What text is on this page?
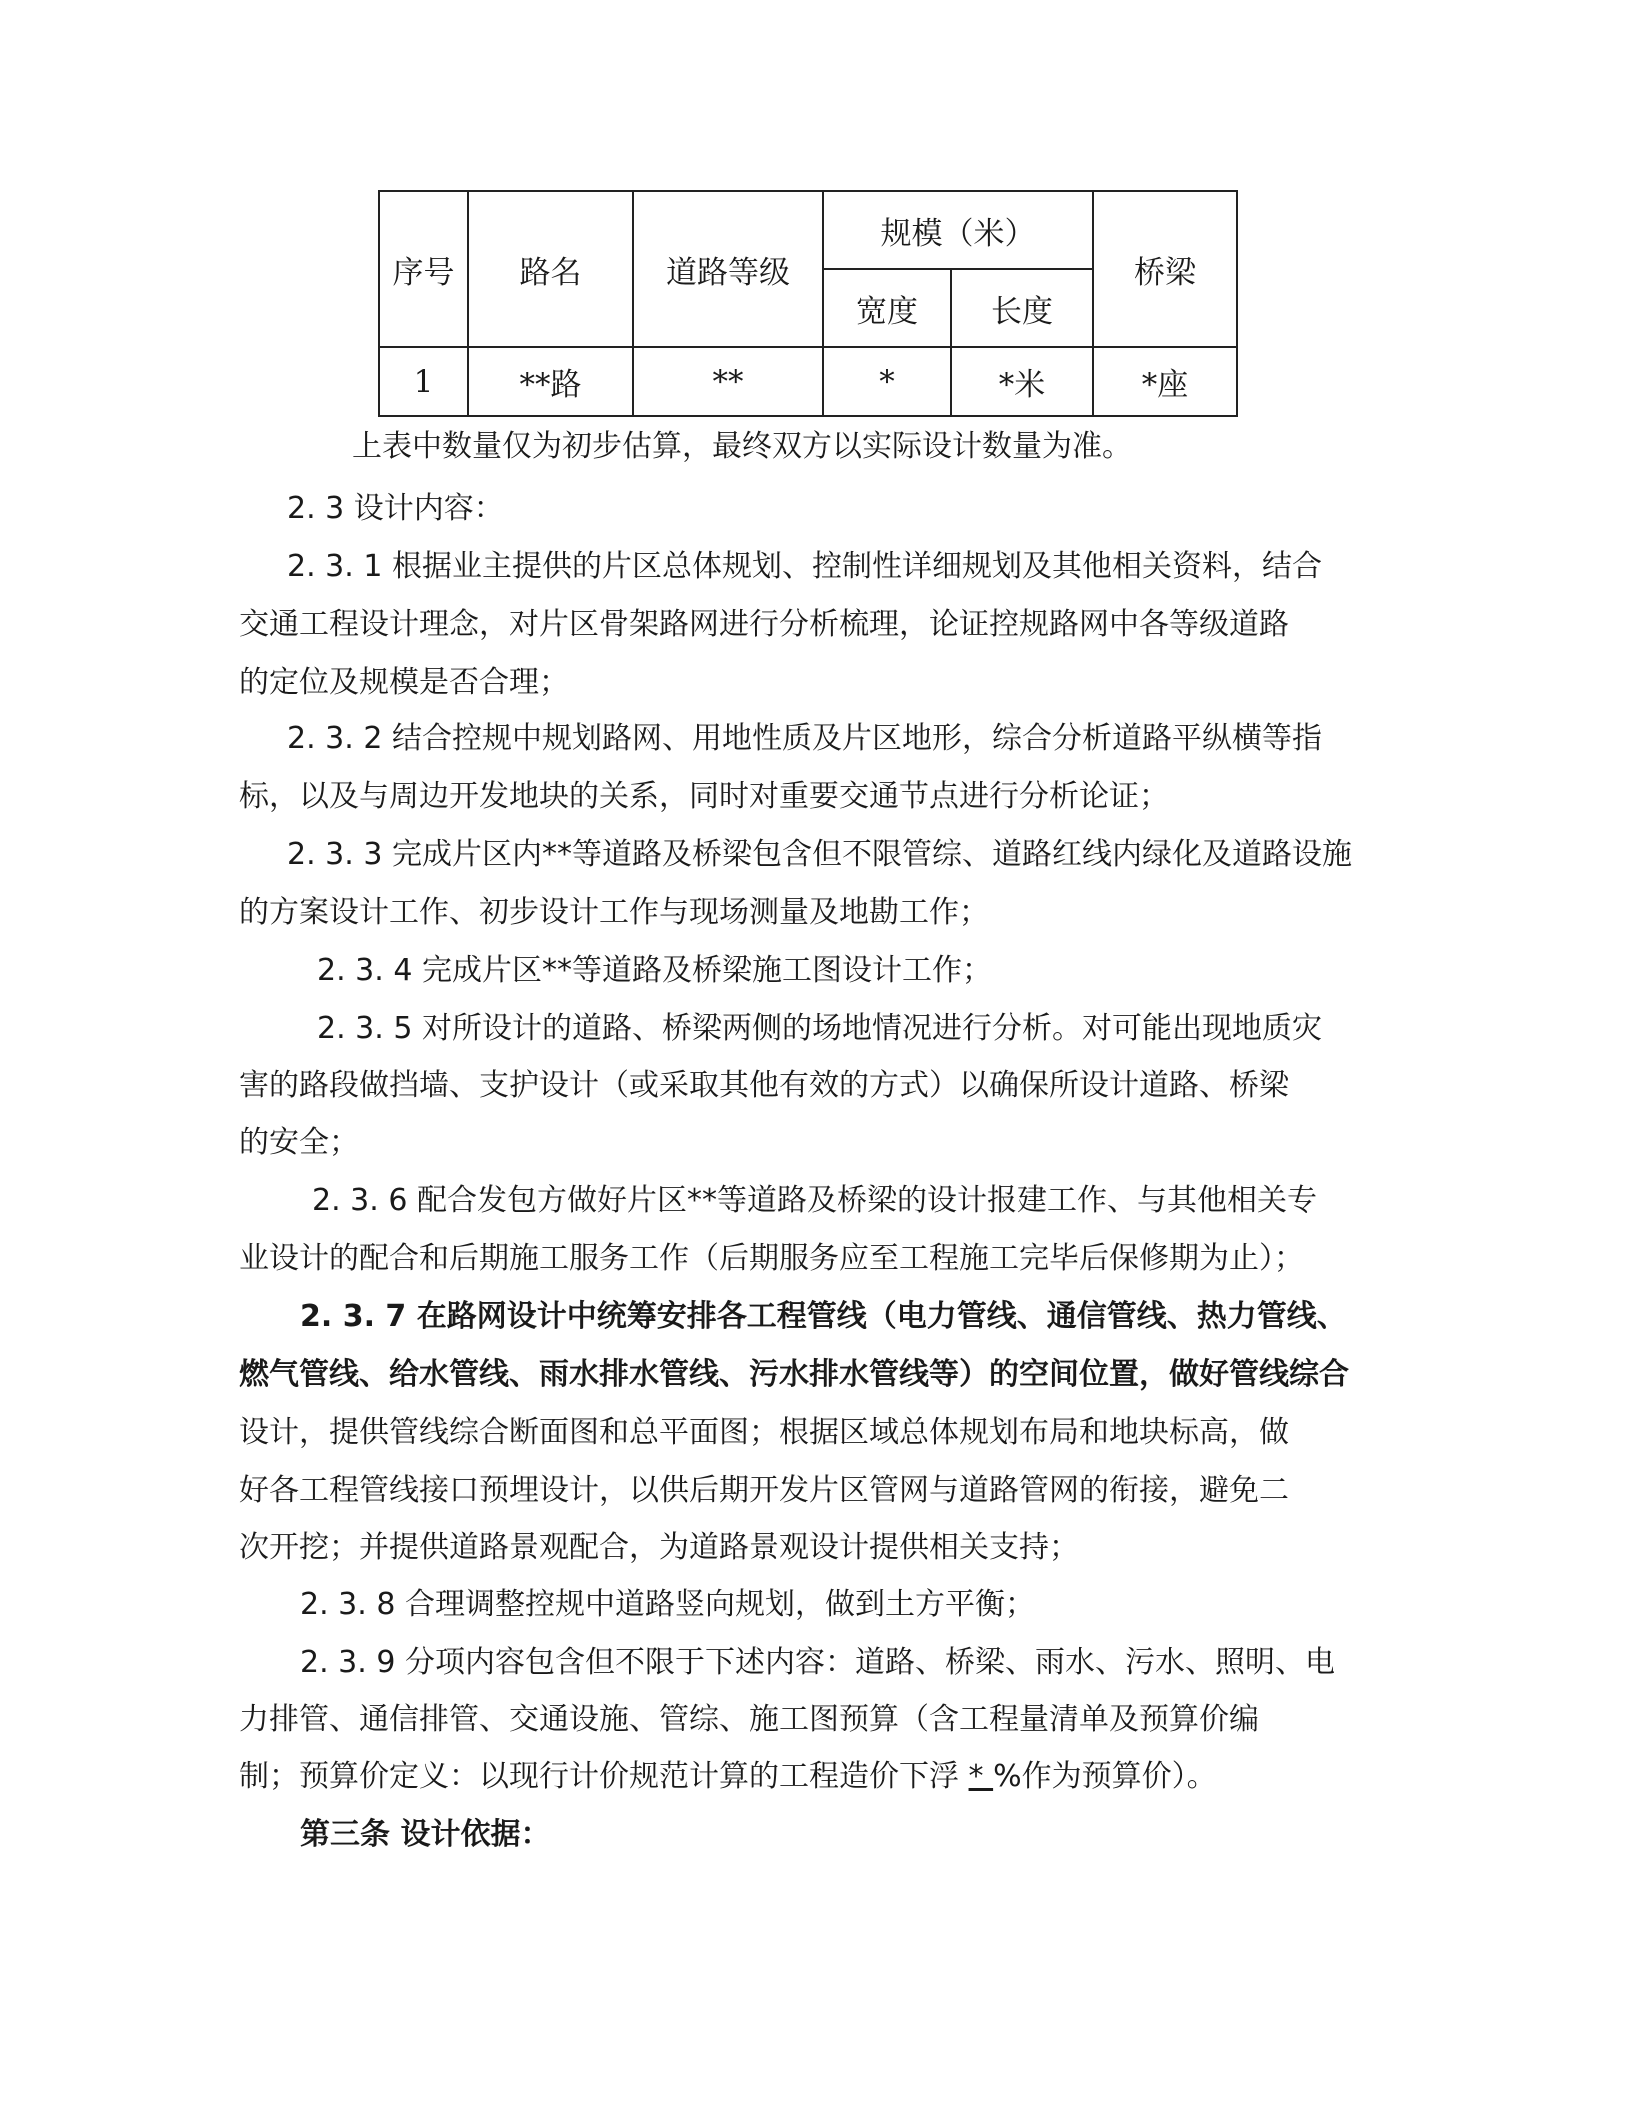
序号	路名	道路等级	规模（米）		桥梁
			宽度	长度	
1	**路	**	*	*米	*座
上表中数量仅为初步估算，最终双方以实际设计数量为准。
2. 3 设计内容：
2. 3. 1 根据业主提供的片区总体规划、控制性详细规划及其他相关资料，结合
交通工程设计理念，对片区骨架路网进行分析梳理，论证控规路网中各等级道路
的定位及规模是否合理；
2. 3. 2 结合控规中规划路网、用地性质及片区地形，综合分析道路平纵横等指
标，以及与周边开发地块的关系，同时对重要交通节点进行分析论证；
2. 3. 3 完成片区内**等道路及桥梁包含但不限管综、道路红线内绿化及道路设施
的方案设计工作、初步设计工作与现场测量及地勘工作；
2. 3. 4 完成片区**等道路及桥梁施工图设计工作；
2. 3. 5 对所设计的道路、桥梁两侧的场地情况进行分析。对可能出现地质灾
害的路段做挡墙、支护设计（或采取其他有效的方式）以确保所设计道路、桥梁
的安全；
2. 3. 6 配合发包方做好片区**等道路及桥梁的设计报建工作、与其他相关专
业设计的配合和后期施工服务工作（后期服务应至工程施工完毕后保修期为止）；
2. 3. 7 在路网设计中统筹安排各工程管线（电力管线、通信管线、热力管线、
燃气管线、给水管线、雨水排水管线、污水排水管线等）的空间位置，做好管线综合
设计，提供管线综合断面图和总平面图；根据区域总体规划布局和地块标高，做
好各工程管线接口预埋设计，以供后期开发片区管网与道路管网的衔接，避免二
次开挖；并提供道路景观配合，为道路景观设计提供相关支持；
2. 3. 8 合理调整控规中道路竖向规划，做到土方平衡；
2. 3. 9 分项内容包含但不限于下述内容：道路、桥梁、雨水、污水、照明、电
力排管、通信排管、交通设施、管综、施工图预算（含工程量清单及预算价编
制；预算价定义：以现行计价规范计算的工程造价下浮 * %作为预算价）。
第三条 设计依据：
